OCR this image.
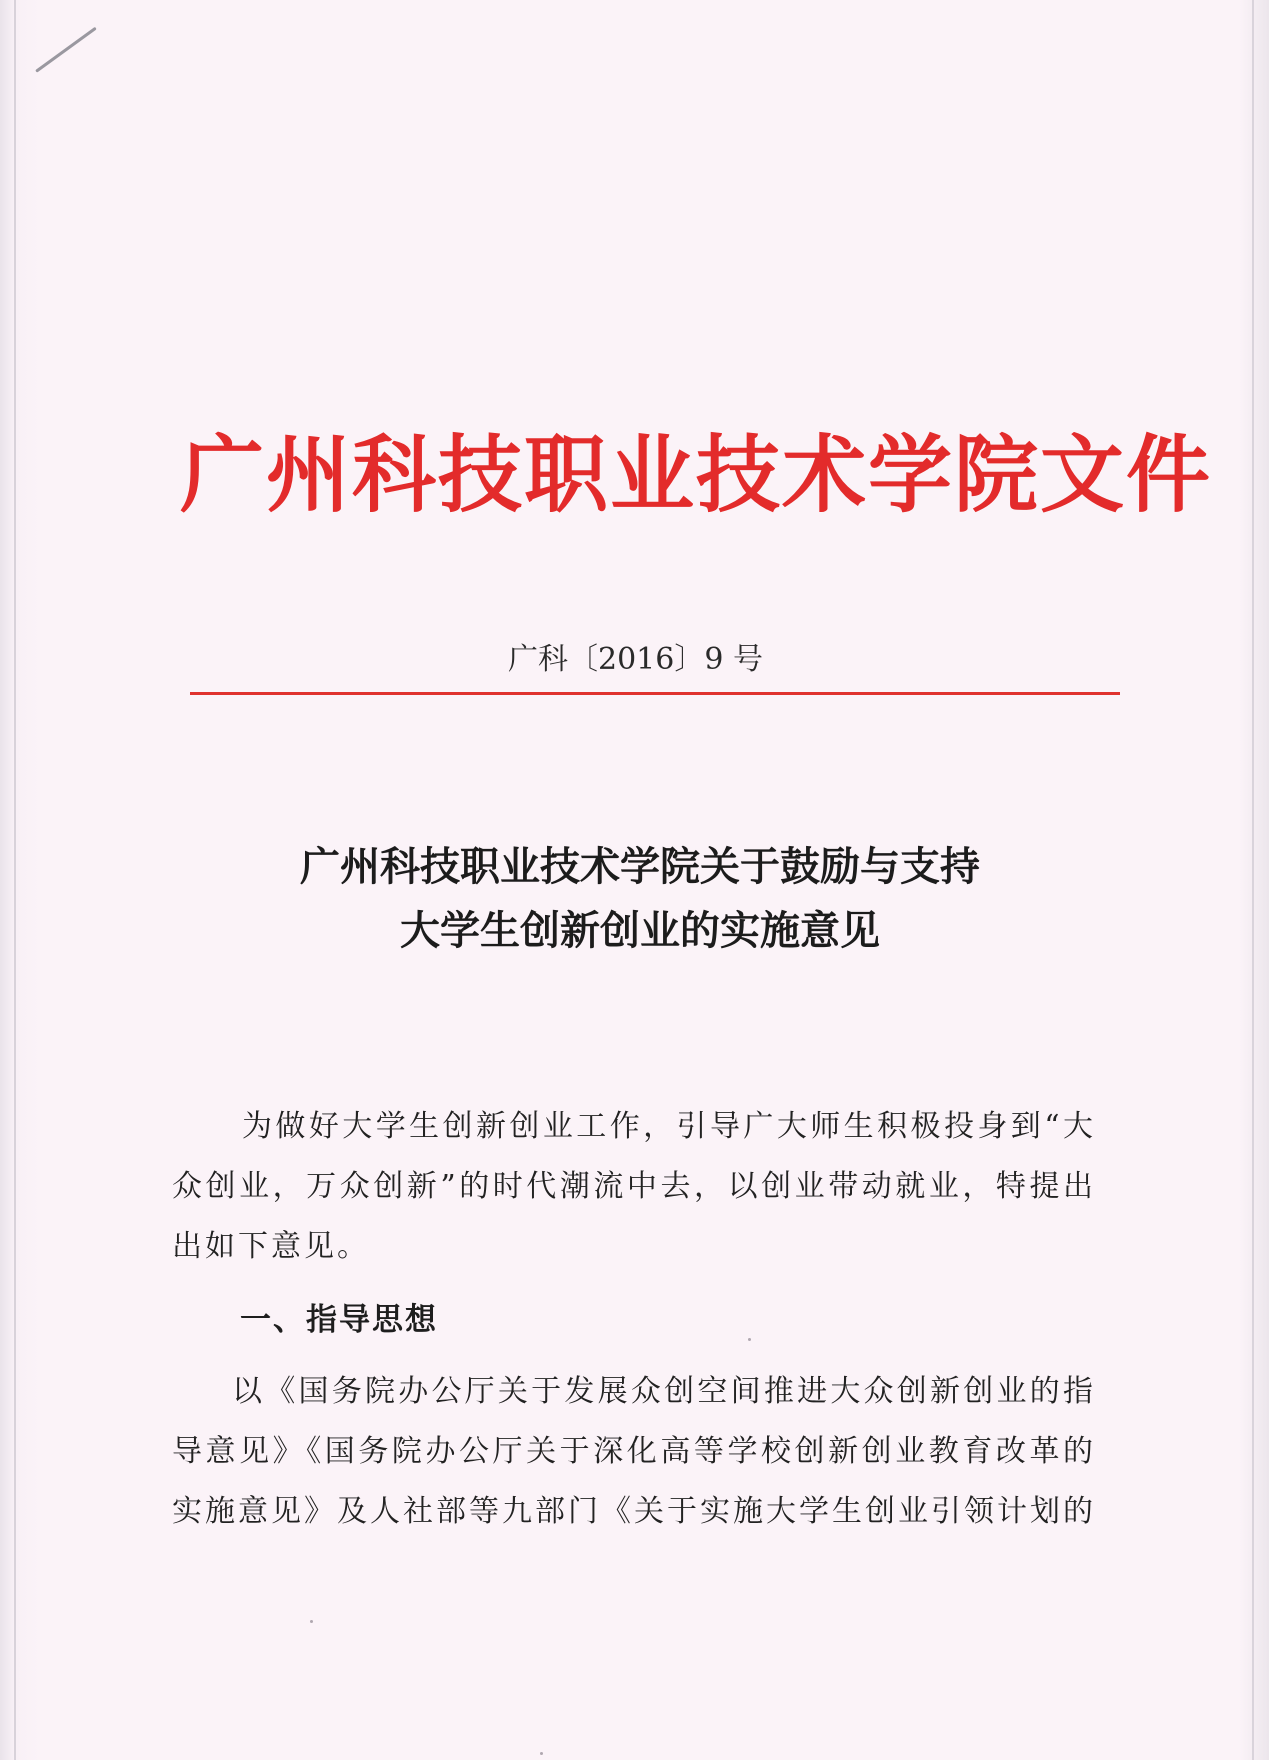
广州科技职业技术学院文件
广科〔2016〕9 号
广州科技职业技术学院关于鼓励与支持
大学生创新创业的实施意见
为做好大学生创新创业工作，引导广大师生积极投身到“大众创业，万众创新”的时代潮流中去，以创业带动就业，特提出出如下意见。
一、指导思想
以《国务院办公厅关于发展众创空间推进大众创新创业的指导意见》《国务院办公厅关于深化高等学校创新创业教育改革的实施意见》及人社部等九部门《关于实施大学生创业引领计划的
